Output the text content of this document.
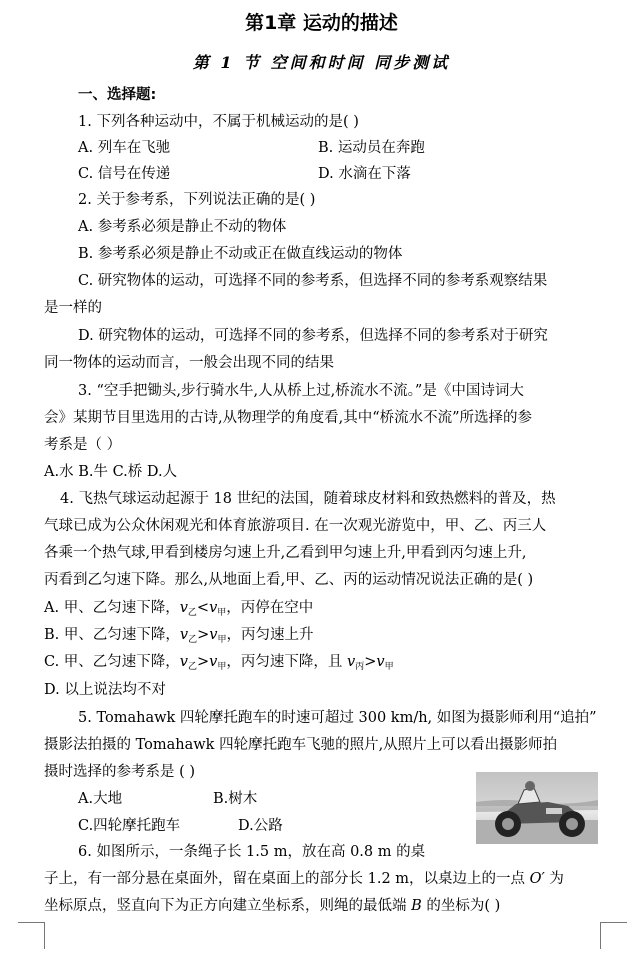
第1章 运动的描述
第 1 节 空间和时间 同步测试
一、选择题:
1. 下列各种运动中，不属于机械运动的是( )
A. 列车在飞驰	B. 运动员在奔跑
C. 信号在传递	D. 水滴在下落
2. 关于参考系，下列说法正确的是( )
A. 参考系必须是静止不动的物体
B. 参考系必须是静止不动或正在做直线运动的物体
C. 研究物体的运动，可选择不同的参考系，但选择不同的参考系观察结果
是一样的
D. 研究物体的运动，可选择不同的参考系，但选择不同的参考系对于研究
同一物体的运动而言，一般会出现不同的结果
3. “空手把锄头,步行骑水牛,人从桥上过,桥流水不流。”是《中国诗词大
会》某期节目里选用的古诗,从物理学的角度看,其中“桥流水不流”所选择的参
考系是（ ）
A.水 B.牛 C.桥 D.人
4. 飞热气球运动起源于 18 世纪的法国，随着球皮材料和致热燃料的普及，热
气球已成为公众休闲观光和体育旅游项目. 在一次观光游览中，甲、乙、丙三人
各乘一个热气球,甲看到楼房匀速上升,乙看到甲匀速上升,甲看到丙匀速上升,
丙看到乙匀速下降。那么,从地面上看,甲、乙、丙的运动情况说法正确的是( )
A. 甲、乙匀速下降，$v_乙<v_甲$，丙停在空中
B. 甲、乙匀速下降，$v_乙>v_甲$，丙匀速上升
C. 甲、乙匀速下降，$v_乙>v_甲$，丙匀速下降，且 $v_丙>v_甲$
D. 以上说法均不对
5. Tomahawk 四轮摩托跑车的时速可超过 300 km/h, 如图为摄影师利用“追拍”
摄影法拍摄的 Tomahawk 四轮摩托跑车飞驰的照片,从照片上可以看出摄影师拍
摄时选择的参考系是 ( )
A.大地	B.树木
C.四轮摩托跑车	D.公路
6. 如图所示，一条绳子长 1.5 m，放在高 0.8 m 的桌
子上，有一部分悬在桌面外，留在桌面上的部分长 1.2 m，以桌边上的一点 O′ 为
坐标原点，竖直向下为正方向建立坐标系，则绳的最低端 B 的坐标为( )
